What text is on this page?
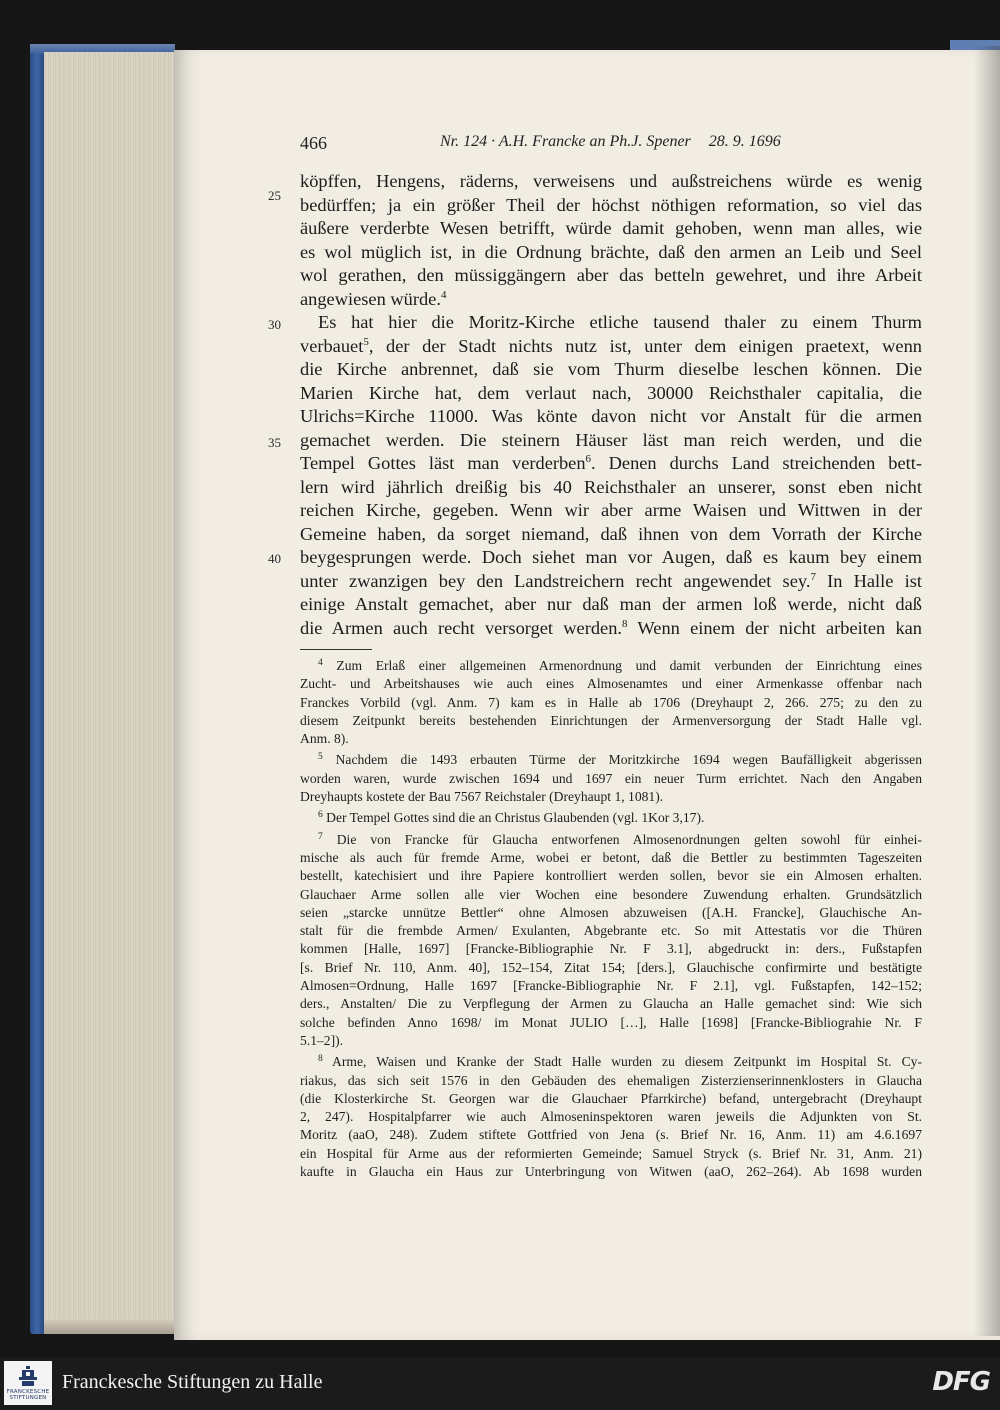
466	Nr. 124 · A.H. Francke an Ph.J. Spener 28. 9. 1696
25
30
35
40
köpffen, Hengens, räderns, verweisens und außstreichens würde es wenig
bedürffen; ja ein größer Theil der höchst nöthigen reformation, so viel das
äußere verderbte Wesen betrifft, würde damit gehoben, wenn man alles, wie
es wol müglich ist, in die Ordnung brächte, daß den armen an Leib und Seel
wol gerathen, den müssiggängern aber das betteln gewehret, und ihre Arbeit
angewiesen würde.$^4$
Es hat hier die Moritz-Kirche etliche tausend thaler zu einem Thurm
verbauet$^5$, der der Stadt nichts nutz ist, unter dem einigen praetext, wenn
die Kirche anbrennet, daß sie vom Thurm dieselbe leschen können. Die
Marien Kirche hat, dem verlaut nach, 30000 Reichsthaler capitalia, die
Ulrichs=Kirche 11000. Was könte davon nicht vor Anstalt für die armen
gemachet werden. Die steinern Häuser läst man reich werden, und die
Tempel Gottes läst man verderben$^6$. Denen durchs Land streichenden bett-
lern wird jährlich dreißig bis 40 Reichsthaler an unserer, sonst eben nicht
reichen Kirche, gegeben. Wenn wir aber arme Waisen und Wittwen in der
Gemeine haben, da sorget niemand, daß ihnen von dem Vorrath der Kirche
beygesprungen werde. Doch siehet man vor Augen, daß es kaum bey einem
unter zwanzigen bey den Landstreichern recht angewendet sey.$^7$ In Halle ist
einige Anstalt gemachet, aber nur daß man der armen loß werde, nicht daß
die Armen auch recht versorget werden.$^8$ Wenn einem der nicht arbeiten kan
$^4$ Zum Erlaß einer allgemeinen Armenordnung und damit verbunden der Einrichtung eines
Zucht- und Arbeitshauses wie auch eines Almosenamtes und einer Armenkasse offenbar nach
Franckes Vorbild (vgl. Anm. 7) kam es in Halle ab 1706 (Dreyhaupt 2, 266. 275; zu den zu
diesem Zeitpunkt bereits bestehenden Einrichtungen der Armenversorgung der Stadt Halle vgl.
Anm. 8).
$^5$ Nachdem die 1493 erbauten Türme der Moritzkirche 1694 wegen Baufälligkeit abgerissen
worden waren, wurde zwischen 1694 und 1697 ein neuer Turm errichtet. Nach den Angaben
Dreyhaupts kostete der Bau 7567 Reichstaler (Dreyhaupt 1, 1081).
$^6$ Der Tempel Gottes sind die an Christus Glaubenden (vgl. 1Kor 3,17).
$^7$ Die von Francke für Glaucha entworfenen Almosenordnungen gelten sowohl für einhei-
mische als auch für fremde Arme, wobei er betont, daß die Bettler zu bestimmten Tageszeiten
bestellt, katechisiert und ihre Papiere kontrolliert werden sollen, bevor sie ein Almosen erhalten.
Glauchaer Arme sollen alle vier Wochen eine besondere Zuwendung erhalten. Grundsätzlich
seien „starcke unnütze Bettler“ ohne Almosen abzuweisen ([A.H. Francke], Glauchische An-
stalt für die frembde Armen/ Exulanten, Abgebrante etc. So mit Attestatis vor die Thüren
kommen [Halle, 1697] [Francke-Bibliographie Nr. F 3.1], abgedruckt in: ders., Fußstapfen
[s. Brief Nr. 110, Anm. 40], 152–154, Zitat 154; [ders.], Glauchische confirmirte und bestätigte
Almosen=Ordnung, Halle 1697 [Francke-Bibliographie Nr. F 2.1], vgl. Fußstapfen, 142–152;
ders., Anstalten/ Die zu Verpflegung der Armen zu Glaucha an Halle gemachet sind: Wie sich
solche befinden Anno 1698/ im Monat JULIO […], Halle [1698] [Francke-Bibliograhie Nr. F
5.1–2]).
$^8$ Arme, Waisen und Kranke der Stadt Halle wurden zu diesem Zeitpunkt im Hospital St. Cy-
riakus, das sich seit 1576 in den Gebäuden des ehemaligen Zisterzienserinnenklosters in Glaucha
(die Klosterkirche St. Georgen war die Glauchaer Pfarrkirche) befand, untergebracht (Dreyhaupt
2, 247). Hospitalpfarrer wie auch Almoseninspektoren waren jeweils die Adjunkten von St.
Moritz (aaO, 248). Zudem stiftete Gottfried von Jena (s. Brief Nr. 16, Anm. 11) am 4.6.1697
ein Hospital für Arme aus der reformierten Gemeinde; Samuel Stryck (s. Brief Nr. 31, Anm. 21)
kaufte in Glaucha ein Haus zur Unterbringung von Witwen (aaO, 262–264). Ab 1698 wurden
FRANCKESCHE
STIFTUNGEN
Franckesche Stiftungen zu Halle	DFG
